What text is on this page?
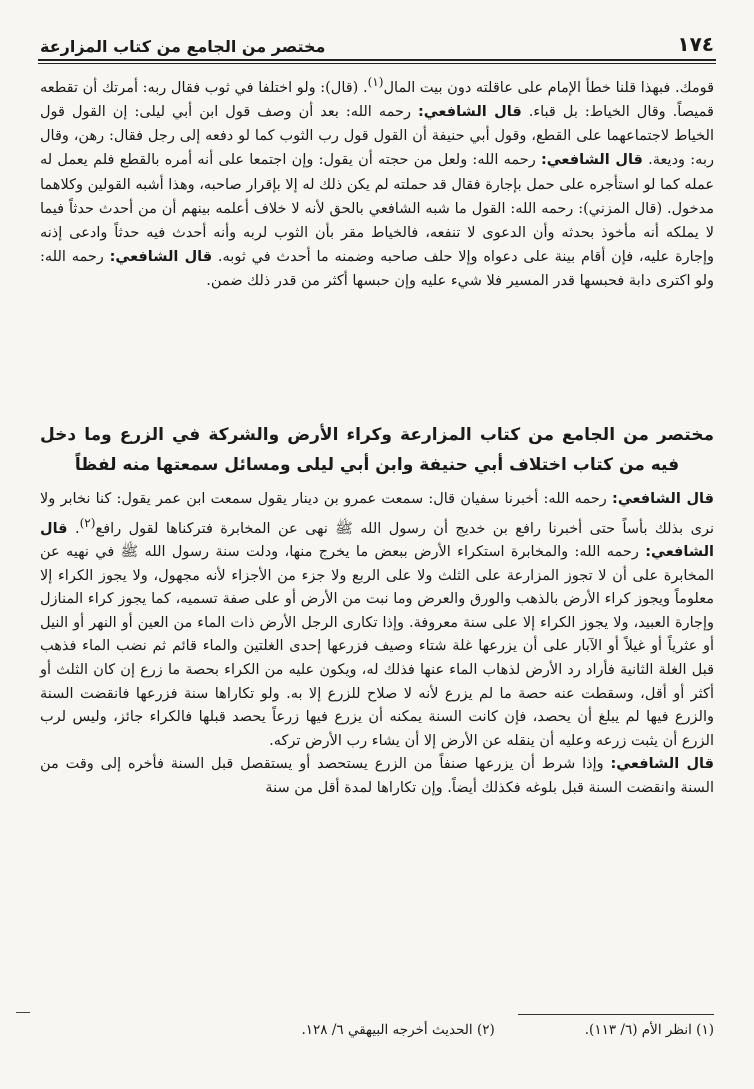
١٧٤
مختصر من الجامع من كتاب المزارعة

قومك. فبهذا قلنا خطأ الإمام على عاقلته دون بيت المال$^{(١)}$. (قال): ولو اختلفا في ثوب فقال ربه: أمرتك أن تقطعه قميصاً. وقال الخياط: بل قباء. قال الشافعي: رحمه الله: بعد أن وصف قول ابن أبي ليلى: إن القول قول الخياط لاجتماعهما على القطع، وقول أبي حنيفة أن القول قول رب الثوب كما لو دفعه إلى رجل فقال: رهن، وقال ربه: وديعة. قال الشافعي: رحمه الله: ولعل من حجته أن يقول: وإن اجتمعا على أنه أمره بالقطع فلم يعمل له عمله كما لو استأجره على حمل بإجارة فقال قد حملته لم يكن ذلك له إلا بإقرار صاحبه، وهذا أشبه القولين وكلاهما مدخول. (قال المزني): رحمه الله: القول ما شبه الشافعي بالحق لأنه لا خلاف أعلمه بينهم أن من أحدث حدثاً فيما لا يملكه أنه مأخوذ بحدثه وأن الدعوى لا تنفعه، فالخياط مقر بأن الثوب لربه وأنه أحدث فيه حدثاً وادعى إذنه وإجارة عليه، فإن أقام بينة على دعواه وإلا حلف صاحبه وضمنه ما أحدث في ثوبه. قال الشافعي: رحمه الله: ولو اكترى دابة فحبسها قدر المسير فلا شيء عليه وإن حبسها أكثر من قدر ذلك ضمن.

مختصر من الجامع من كتاب المزارعة وكراء الأرض والشركة في الزرع وما دخل فيه من كتاب اختلاف أبي حنيفة وابن أبي ليلى ومسائل سمعتها منه لفظاً

قال الشافعي: رحمه الله: أخبرنا سفيان قال: سمعت عمرو بن دينار يقول سمعت ابن عمر يقول: كنا نخابر ولا نرى بذلك بأساً حتى أخبرنا رافع بن خديج أن رسول الله ﷺ نهى عن المخابرة فتركناها لقول رافع$^{(٢)}$. قال الشافعي: رحمه الله: والمخابرة استكراء الأرض ببعض ما يخرج منها، ودلت سنة رسول الله ﷺ في نهيه عن المخابرة على أن لا تجوز المزارعة على الثلث ولا على الربع ولا جزء من الأجزاء لأنه مجهول، ولا يجوز الكراء إلا معلوماً ويجوز كراء الأرض بالذهب والورق والعرض وما نبت من الأرض أو على صفة تسميه، كما يجوز كراء المنازل وإجارة العبيد، ولا يجوز الكراء إلا على سنة معروفة. وإذا تكارى الرجل الأرض ذات الماء من العين أو النهر أو النيل أو عثرياً أو غيلاً أو الآبار على أن يزرعها غلة شتاء وصيف فزرعها إحدى الغلتين والماء قائم ثم نضب الماء فذهب قبل الغلة الثانية فأراد رد الأرض لذهاب الماء عنها فذلك له، ويكون عليه من الكراء بحصة ما زرع إن كان الثلث أو أكثر أو أقل، وسقطت عنه حصة ما لم يزرع لأنه لا صلاح للزرع إلا به. ولو تكاراها سنة فزرعها فانقضت السنة والزرع فيها لم يبلغ أن يحصد، فإن كانت السنة يمكنه أن يزرع فيها زرعاً يحصد قبلها فالكراء جائز، وليس لرب الزرع أن يثبت زرعه وعليه أن ينقله عن الأرض إلا أن يشاء رب الأرض تركه.

قال الشافعي: وإذا شرط أن يزرعها صنفاً من الزرع يستحصد أو يستقصل قبل السنة فأخره إلى وقت من السنة وانقضت السنة قبل بلوغه فكذلك أيضاً. وإن تكاراها لمدة أقل من سنة

(١) انظر الأم (٦/ ١١٣).
(٢) الحديث أخرجه البيهقي ٦/ ١٢٨.
